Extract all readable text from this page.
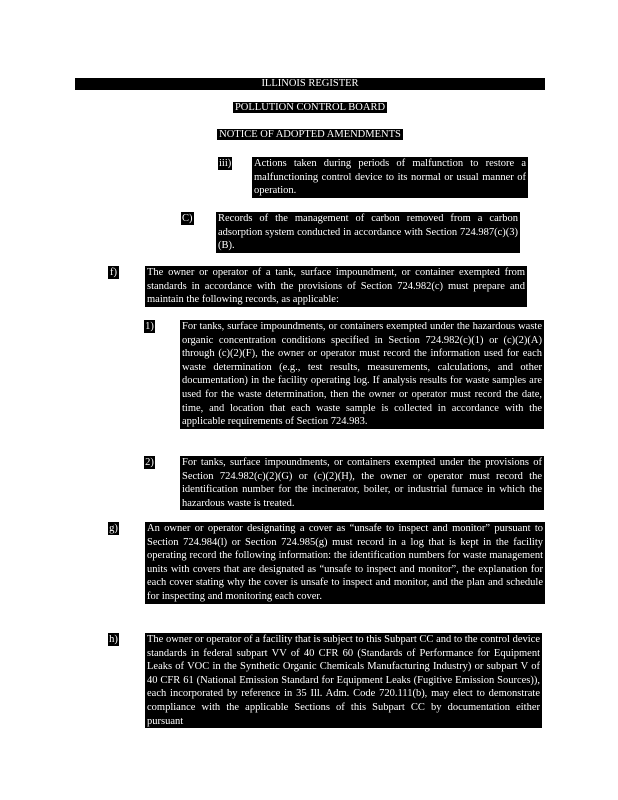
ILLINOIS REGISTER
POLLUTION CONTROL BOARD
NOTICE OF ADOPTED AMENDMENTS
iii) Actions taken during periods of malfunction to restore a malfunctioning control device to its normal or usual manner of operation.
C) Records of the management of carbon removed from a carbon adsorption system conducted in accordance with Section 724.987(c)(3)(B).
f)	The owner or operator of a tank, surface impoundment, or container exempted from standards in accordance with the provisions of Section 724.982(c) must prepare and maintain the following records, as applicable:
1)	For tanks, surface impoundments, or containers exempted under the hazardous waste organic concentration conditions specified in Section 724.982(c)(1) or (c)(2)(A) through (c)(2)(F), the owner or operator must record the information used for each waste determination (e.g., test results, measurements, calculations, and other documentation) in the facility operating log. If analysis results for waste samples are used for the waste determination, then the owner or operator must record the date, time, and location that each waste sample is collected in accordance with the applicable requirements of Section 724.983.
2)	For tanks, surface impoundments, or containers exempted under the provisions of Section 724.982(c)(2)(G) or (c)(2)(H), the owner or operator must record the identification number for the incinerator, boiler, or industrial furnace in which the hazardous waste is treated.
g)	An owner or operator designating a cover as “unsafe to inspect and monitor” pursuant to Section 724.984(l) or Section 724.985(g) must record in a log that is kept in the facility operating record the following information: the identification numbers for waste management units with covers that are designated as “unsafe to inspect and monitor”, the explanation for each cover stating why the cover is unsafe to inspect and monitor, and the plan and schedule for inspecting and monitoring each cover.
h)	The owner or operator of a facility that is subject to this Subpart CC and to the control device standards in federal subpart VV of 40 CFR 60 (Standards of Performance for Equipment Leaks of VOC in the Synthetic Organic Chemicals Manufacturing Industry) or subpart V of 40 CFR 61 (National Emission Standard for Equipment Leaks (Fugitive Emission Sources)), each incorporated by reference in 35 Ill. Adm. Code 720.111(b), may elect to demonstrate compliance with the applicable Sections of this Subpart CC by documentation either pursuant
